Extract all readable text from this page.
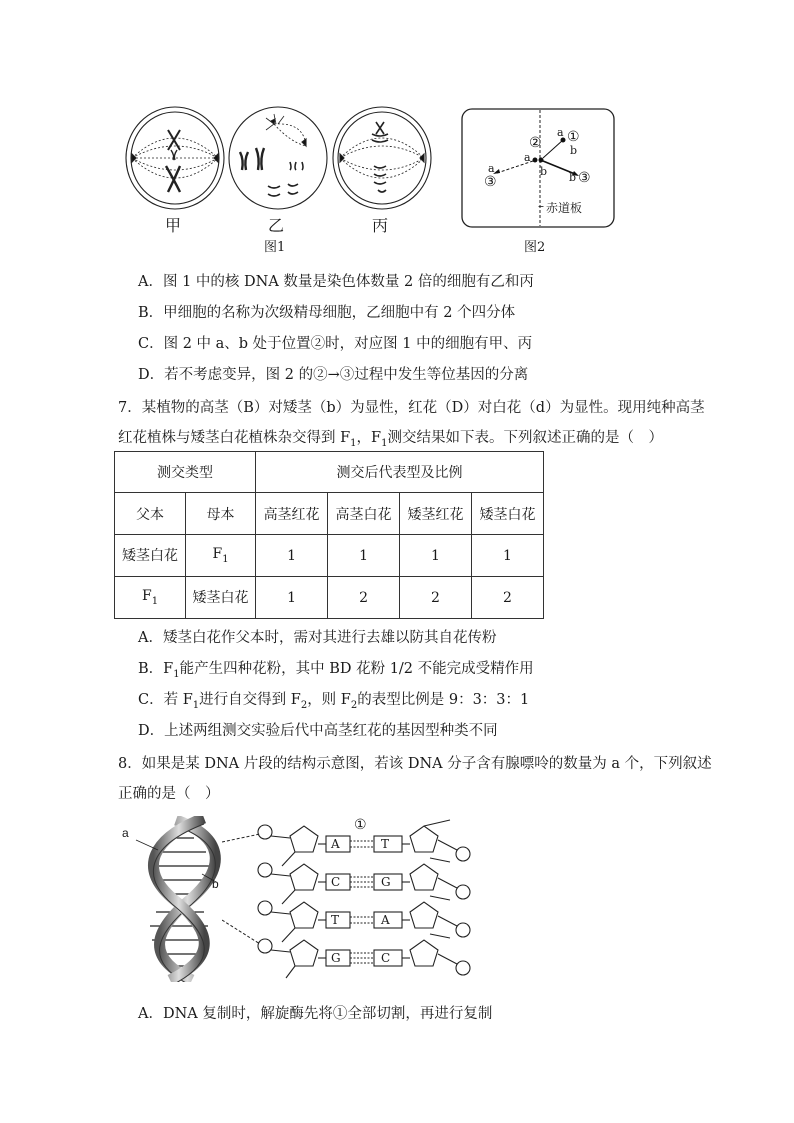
甲	乙	丙
图1
a ①
②	b
a
b
a
③	b ③
– 赤道板
图2
A．图 1 中的核 DNA 数量是染色体数量 2 倍的细胞有乙和丙
B．甲细胞的名称为次级精母细胞，乙细胞中有 2 个四分体
C．图 2 中 a、b 处于位置②时，对应图 1 中的细胞有甲、丙
D．若不考虑变异，图 2 的②→③过程中发生等位基因的分离
7．某植物的高茎（B）对矮茎（b）为显性，红花（D）对白花（d）为显性。现用纯种高茎
红花植株与矮茎白花植株杂交得到 $F_1$，$F_1$测交结果如下表。下列叙述正确的是（　）
测交类型		测交后代表型及比例			
父本	母本	高茎红花	高茎白花	矮茎红花	矮茎白花
矮茎白花	$F_1$	1	1	1	1
$F_1$	矮茎白花	1	2	2	2
A．矮茎白花作父本时，需对其进行去雄以防其自花传粉
B．$F_1$能产生四种花粉，其中 BD 花粉 1/2 不能完成受精作用
C．若 $F_1$进行自交得到 $F_2$，则 $F_2$的表型比例是 9：3：3：1
D．上述两组测交实验后代中高茎红花的基因型种类不同
8．如果是某 DNA 片段的结构示意图，若该 DNA 分子含有腺嘌呤的数量为 a 个，下列叙述
正确的是（　）
a
b
①
A	T
C	G
T	A
G	C
A．DNA 复制时，解旋酶先将①全部切割，再进行复制
